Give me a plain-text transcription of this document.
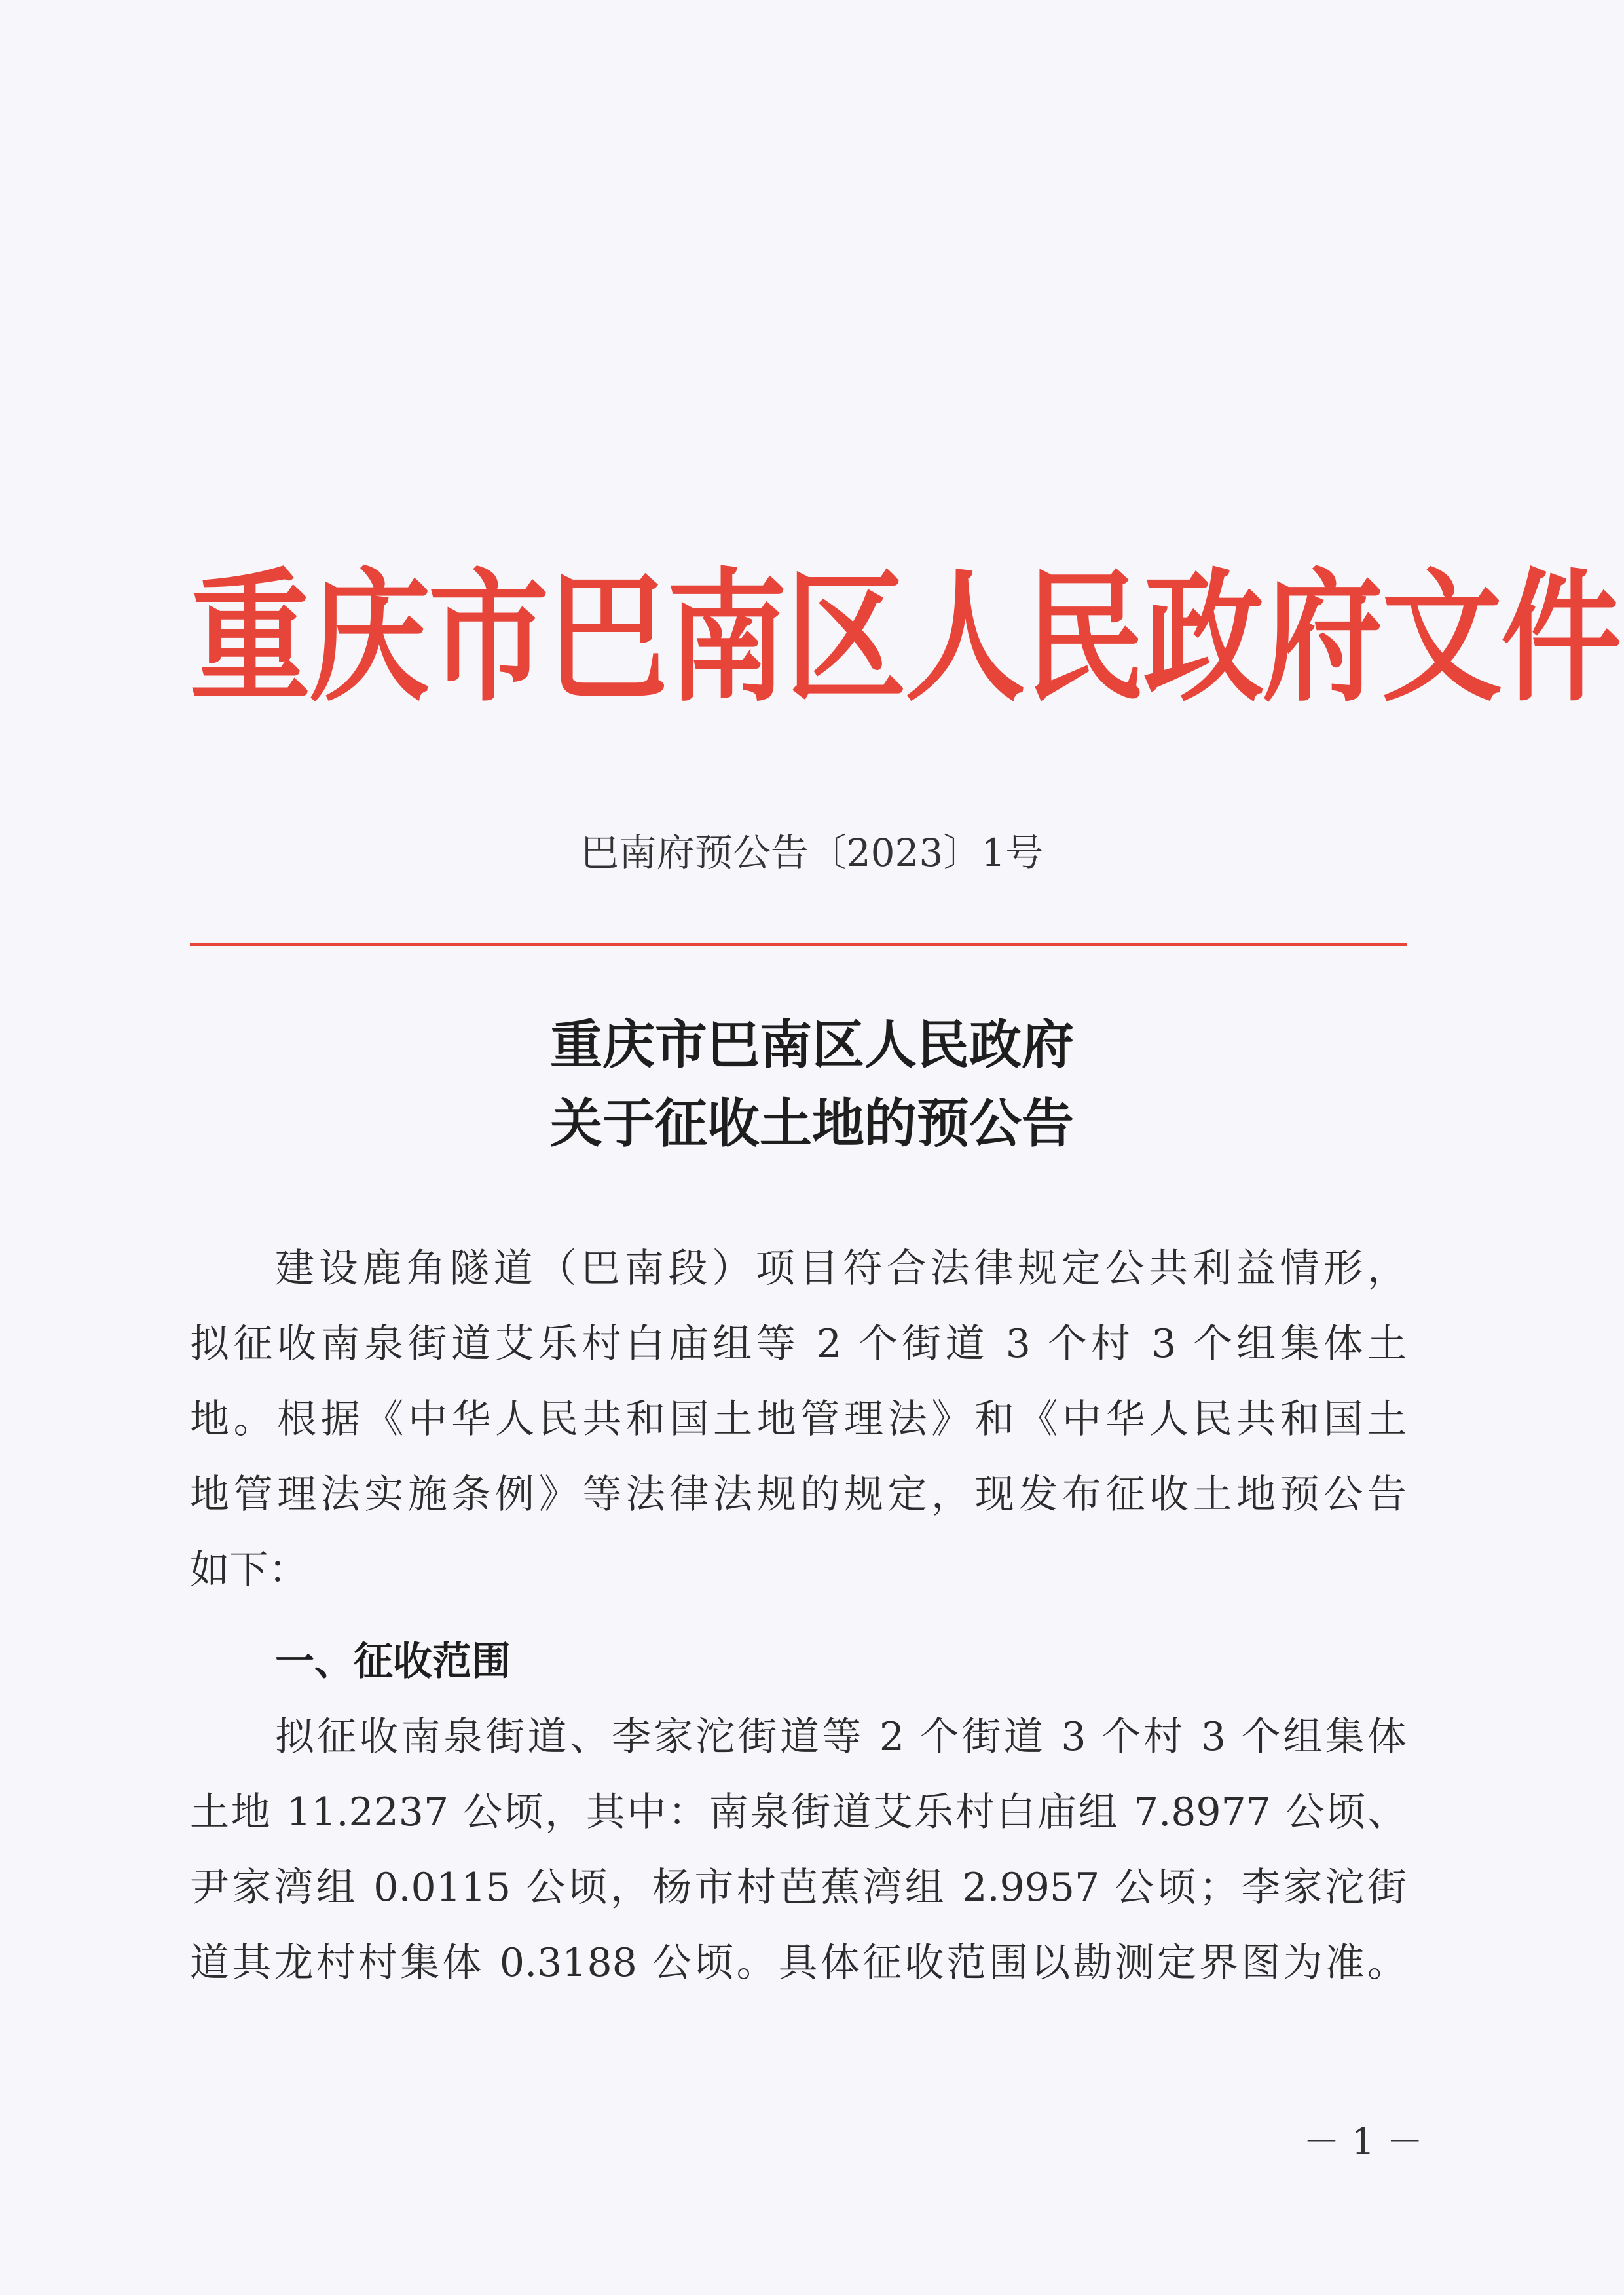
重庆市巴南区人民政府文件
巴南府预公告〔2023〕1号
重庆市巴南区人民政府
关于征收土地的预公告
建设鹿角隧道（巴南段）项目符合法律规定公共利益情形，
拟征收南泉街道艾乐村白庙组等 2 个街道 3 个村 3 个组集体土
地。根据《中华人民共和国土地管理法》和《中华人民共和国土
地管理法实施条例》等法律法规的规定，现发布征收土地预公告
如下：
一、征收范围
拟征收南泉街道、李家沱街道等 2 个街道 3 个村 3 个组集体
土地 11.2237 公顷，其中：南泉街道艾乐村白庙组 7.8977 公顷、
尹家湾组 0.0115 公顷，杨市村芭蕉湾组 2.9957 公顷；李家沱街
道其龙村村集体 0.3188 公顷。具体征收范围以勘测定界图为准。
－ 1 －
